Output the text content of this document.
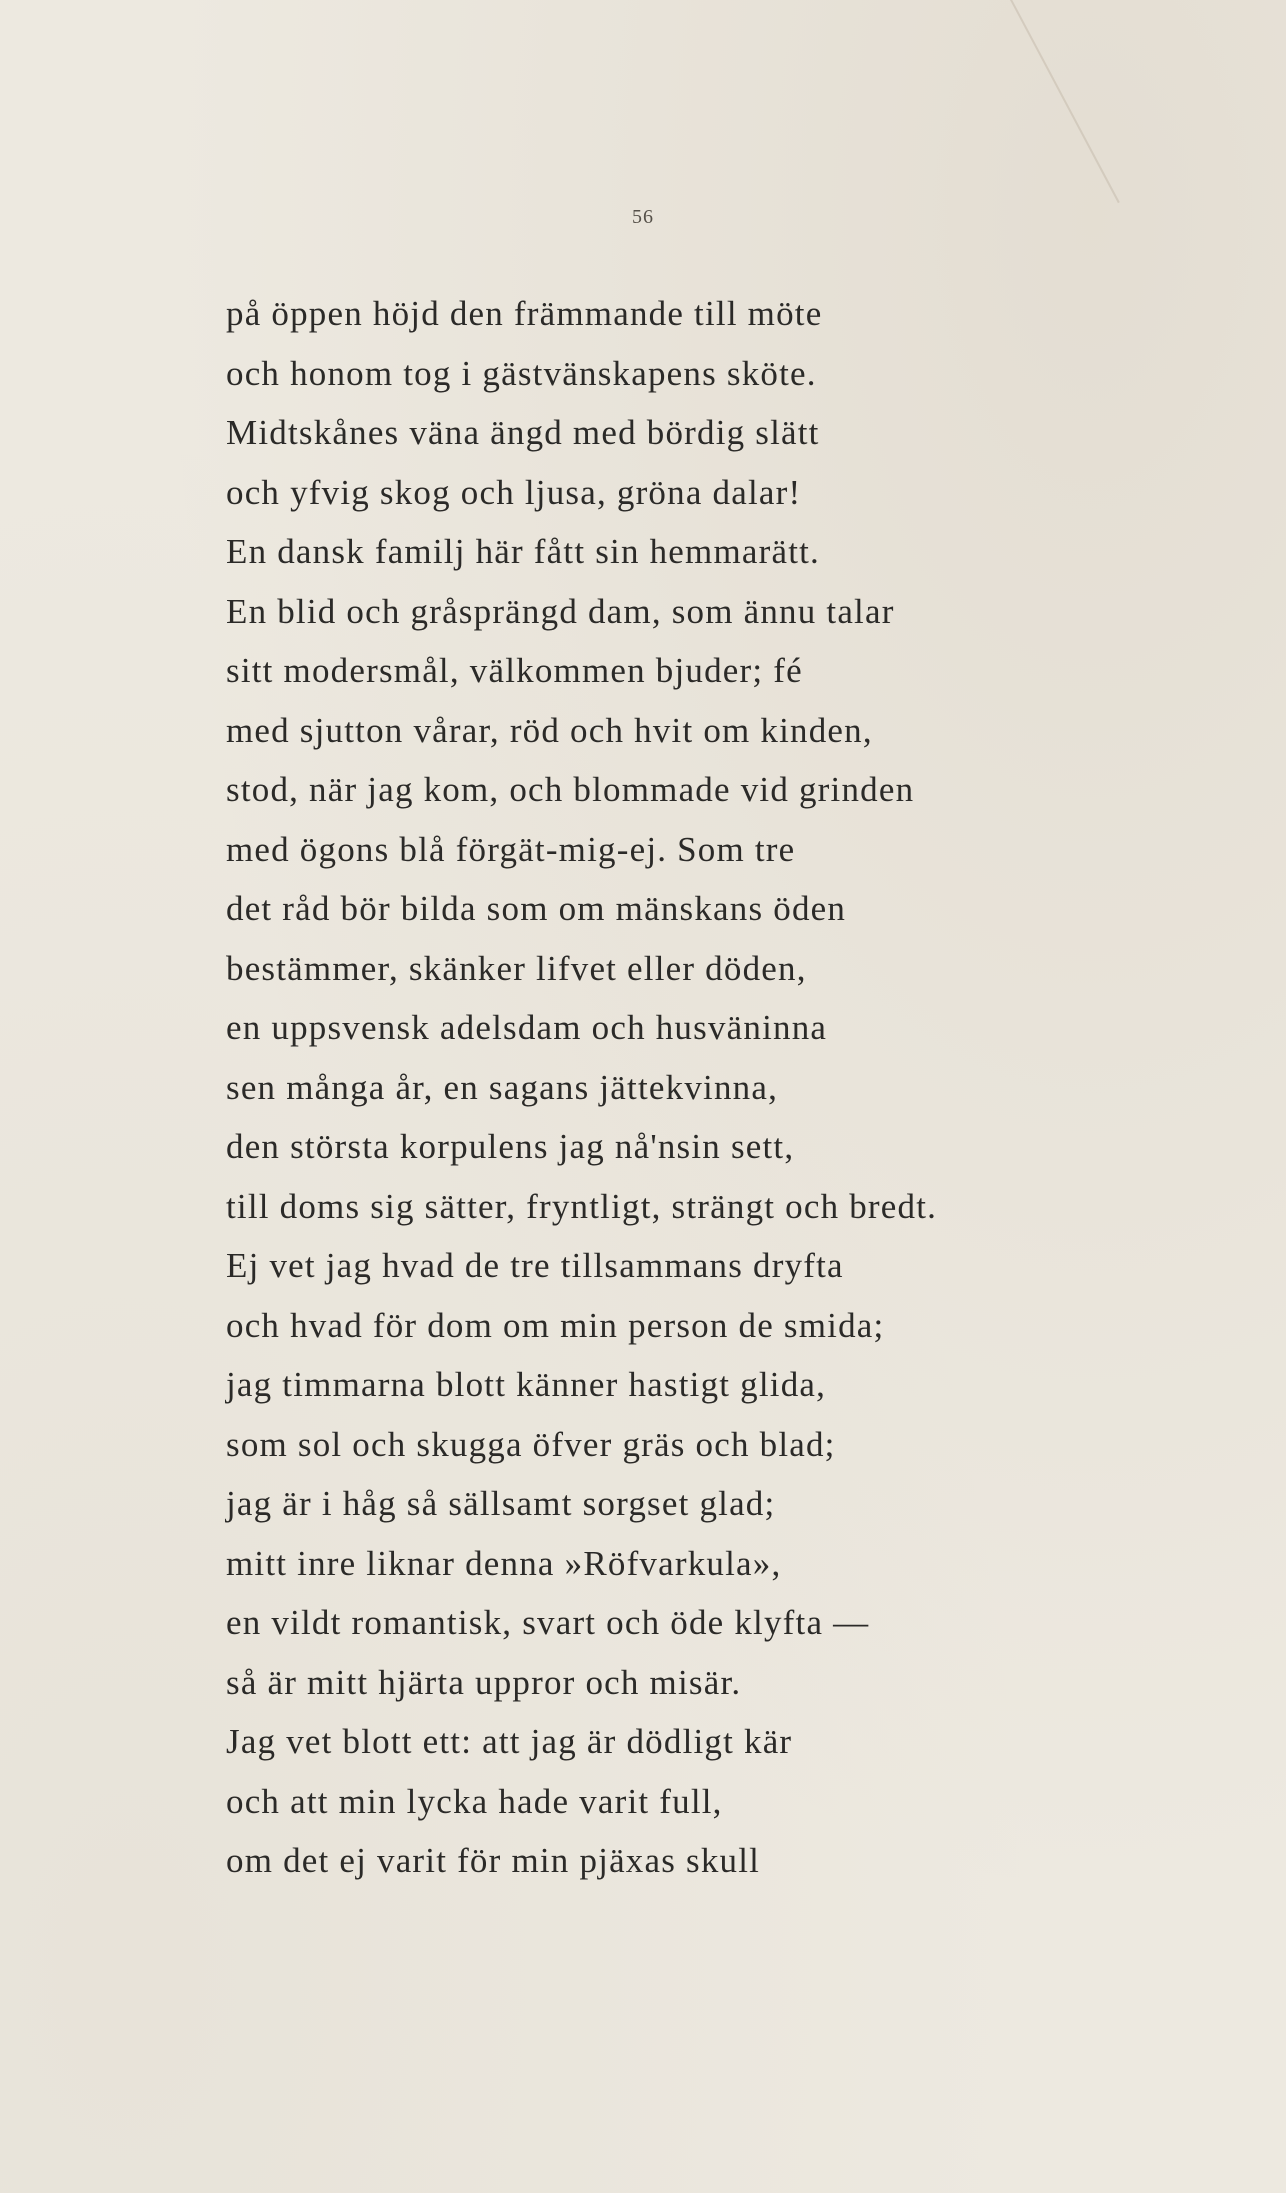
56
på öppen höjd den främmande till möte
och honom tog i gästvänskapens sköte.
Midtskånes väna ängd med bördig slätt
och yfvig skog och ljusa, gröna dalar!
En dansk familj här fått sin hemmarätt.
En blid och gråsprängd dam, som ännu talar
sitt modersmål, välkommen bjuder; fé
med sjutton vårar, röd och hvit om kinden,
stod, när jag kom, och blommade vid grinden
med ögons blå förgät-mig-ej. Som tre
det råd bör bilda som om mänskans öden
bestämmer, skänker lifvet eller döden,
en uppsvensk adelsdam och husväninna
sen många år, en sagans jättekvinna,
den största korpulens jag nå'nsin sett,
till doms sig sätter, fryntligt, strängt och bredt.
Ej vet jag hvad de tre tillsammans dryfta
och hvad för dom om min person de smida;
jag timmarna blott känner hastigt glida,
som sol och skugga öfver gräs och blad;
jag är i håg så sällsamt sorgset glad;
mitt inre liknar denna »Röfvarkula»,
en vildt romantisk, svart och öde klyfta —
så är mitt hjärta uppror och misär.
Jag vet blott ett: att jag är dödligt kär
och att min lycka hade varit full,
om det ej varit för min pjäxas skull
